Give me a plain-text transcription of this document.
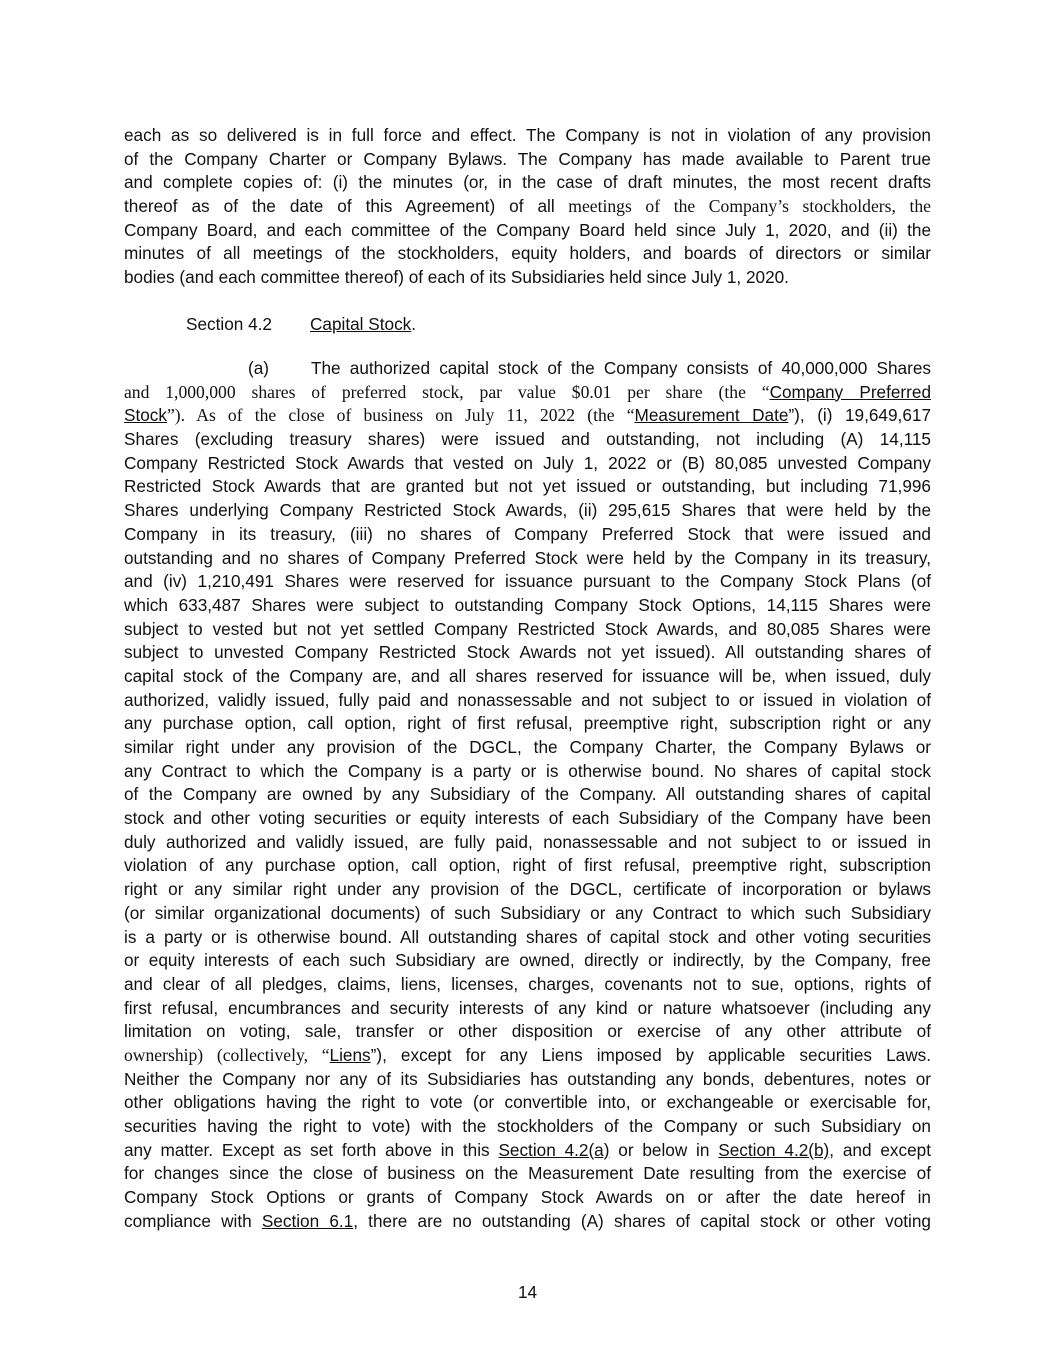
each as so delivered is in full force and effect. The Company is not in violation of any provision
of the Company Charter or Company Bylaws. The Company has made available to Parent true
and complete copies of: (i) the minutes (or, in the case of draft minutes, the most recent drafts
thereof as of the date of this Agreement) of all meetings of the Company’s stockholders, the
Company Board, and each committee of the Company Board held since July 1, 2020, and (ii) the
minutes of all meetings of the stockholders, equity holders, and boards of directors or similar
bodies (and each committee thereof) of each of its Subsidiaries held since July 1, 2020.
Section 4.2 Capital Stock.
(a) The authorized capital stock of the Company consists of 40,000,000 Shares
and 1,000,000 shares of preferred stock, par value $0.01 per share (the “Company Preferred
Stock”). As of the close of business on July 11, 2022 (the “Measurement Date”), (i) 19,649,617
Shares (excluding treasury shares) were issued and outstanding, not including (A) 14,115
Company Restricted Stock Awards that vested on July 1, 2022 or (B) 80,085 unvested Company
Restricted Stock Awards that are granted but not yet issued or outstanding, but including 71,996
Shares underlying Company Restricted Stock Awards, (ii) 295,615 Shares that were held by the
Company in its treasury, (iii) no shares of Company Preferred Stock that were issued and
outstanding and no shares of Company Preferred Stock were held by the Company in its treasury,
and (iv) 1,210,491 Shares were reserved for issuance pursuant to the Company Stock Plans (of
which 633,487 Shares were subject to outstanding Company Stock Options, 14,115 Shares were
subject to vested but not yet settled Company Restricted Stock Awards, and 80,085 Shares were
subject to unvested Company Restricted Stock Awards not yet issued). All outstanding shares of
capital stock of the Company are, and all shares reserved for issuance will be, when issued, duly
authorized, validly issued, fully paid and nonassessable and not subject to or issued in violation of
any purchase option, call option, right of first refusal, preemptive right, subscription right or any
similar right under any provision of the DGCL, the Company Charter, the Company Bylaws or
any Contract to which the Company is a party or is otherwise bound. No shares of capital stock
of the Company are owned by any Subsidiary of the Company. All outstanding shares of capital
stock and other voting securities or equity interests of each Subsidiary of the Company have been
duly authorized and validly issued, are fully paid, nonassessable and not subject to or issued in
violation of any purchase option, call option, right of first refusal, preemptive right, subscription
right or any similar right under any provision of the DGCL, certificate of incorporation or bylaws
(or similar organizational documents) of such Subsidiary or any Contract to which such Subsidiary
is a party or is otherwise bound. All outstanding shares of capital stock and other voting securities
or equity interests of each such Subsidiary are owned, directly or indirectly, by the Company, free
and clear of all pledges, claims, liens, licenses, charges, covenants not to sue, options, rights of
first refusal, encumbrances and security interests of any kind or nature whatsoever (including any
limitation on voting, sale, transfer or other disposition or exercise of any other attribute of
ownership) (collectively, “Liens”), except for any Liens imposed by applicable securities Laws.
Neither the Company nor any of its Subsidiaries has outstanding any bonds, debentures, notes or
other obligations having the right to vote (or convertible into, or exchangeable or exercisable for,
securities having the right to vote) with the stockholders of the Company or such Subsidiary on
any matter. Except as set forth above in this Section 4.2(a) or below in Section 4.2(b), and except
for changes since the close of business on the Measurement Date resulting from the exercise of
Company Stock Options or grants of Company Stock Awards on or after the date hereof in
compliance with Section 6.1, there are no outstanding (A) shares of capital stock or other voting
14
